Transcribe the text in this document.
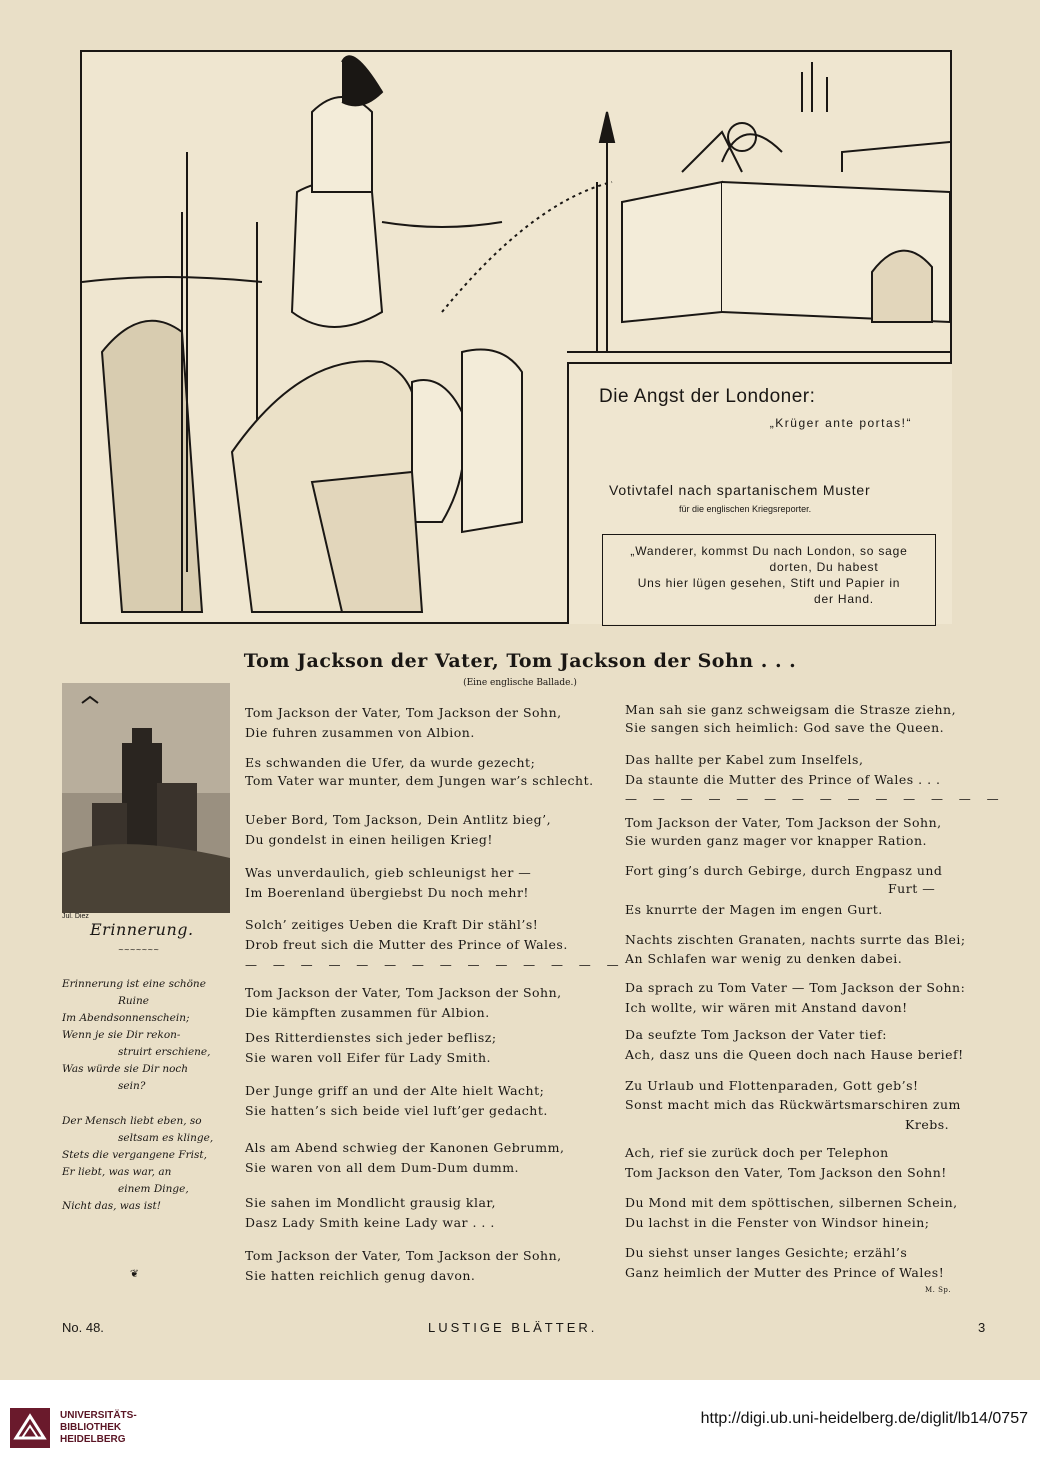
Die Angst der Londoner:
„Krüger ante portas!“
Votivtafel nach spartanischem Muster
für die englischen Kriegsreporter.
„Wanderer, kommst Du nach London, so sage
dorten, Du habest
Uns hier lügen gesehen, Stift und Papier in
der Hand.
Tom Jackson der Vater, Tom Jackson der Sohn . . .
(Eine englische Ballade.)
Jul. Diez
Erinnerung.
~~~~~~~
Erinnerung ist eine schöne
Ruine
Im Abendsonnenschein;
Wenn je sie Dir rekon-
struirt erschiene,
Was würde sie Dir noch
sein?
Der Mensch liebt eben, so
seltsam es klinge,
Stets die vergangene Frist,
Er liebt, was war, an
einem Dinge,
Nicht das, was ist!
❦
Tom Jackson der Vater, Tom Jackson der Sohn,
Die fuhren zusammen von Albion.
Es schwanden die Ufer, da wurde gezecht;
Tom Vater war munter, dem Jungen war’s schlecht.
Ueber Bord, Tom Jackson, Dein Antlitz bieg’,
Du gondelst in einen heiligen Krieg!
Was unverdaulich, gieb schleunigst her —
Im Boerenland übergiebst Du noch mehr!
Solch’ zeitiges Ueben die Kraft Dir stähl’s!
Drob freut sich die Mutter des Prince of Wales.
— — — — — — — — — — — — — —
Tom Jackson der Vater, Tom Jackson der Sohn,
Die kämpften zusammen für Albion.
Des Ritterdienstes sich jeder beflisz;
Sie waren voll Eifer für Lady Smith.
Der Junge griff an und der Alte hielt Wacht;
Sie hatten’s sich beide viel luft’ger gedacht.
Als am Abend schwieg der Kanonen Gebrumm,
Sie waren von all dem Dum-Dum dumm.
Sie sahen im Mondlicht grausig klar,
Dasz Lady Smith keine Lady war . . .
Tom Jackson der Vater, Tom Jackson der Sohn,
Sie hatten reichlich genug davon.
Man sah sie ganz schweigsam die Strasze ziehn,
Sie sangen sich heimlich: God save the Queen.
Das hallte per Kabel zum Inselfels,
Da staunte die Mutter des Prince of Wales . . .
— — — — — — — — — — — — — —
Tom Jackson der Vater, Tom Jackson der Sohn,
Sie wurden ganz mager vor knapper Ration.
Fort ging’s durch Gebirge, durch Engpasz und
Furt —
Es knurrte der Magen im engen Gurt.
Nachts zischten Granaten, nachts surrte das Blei;
An Schlafen war wenig zu denken dabei.
Da sprach zu Tom Vater — Tom Jackson der Sohn:
Ich wollte, wir wären mit Anstand davon!
Da seufzte Tom Jackson der Vater tief:
Ach, dasz uns die Queen doch nach Hause berief!
Zu Urlaub und Flottenparaden, Gott geb’s!
Sonst macht mich das Rückwärtsmarschiren zum
Krebs.
Ach, rief sie zurück doch per Telephon
Tom Jackson den Vater, Tom Jackson den Sohn!
Du Mond mit dem spöttischen, silbernen Schein,
Du lachst in die Fenster von Windsor hinein;
Du siehst unser langes Gesichte; erzähl’s
Ganz heimlich der Mutter des Prince of Wales!
M. Sp.
No. 48.	LUSTIGE BLÄTTER.	3
UNIVERSITÄTS-
BIBLIOTHEK
HEIDELBERG
http://digi.ub.uni-heidelberg.de/diglit/lb14/0757
